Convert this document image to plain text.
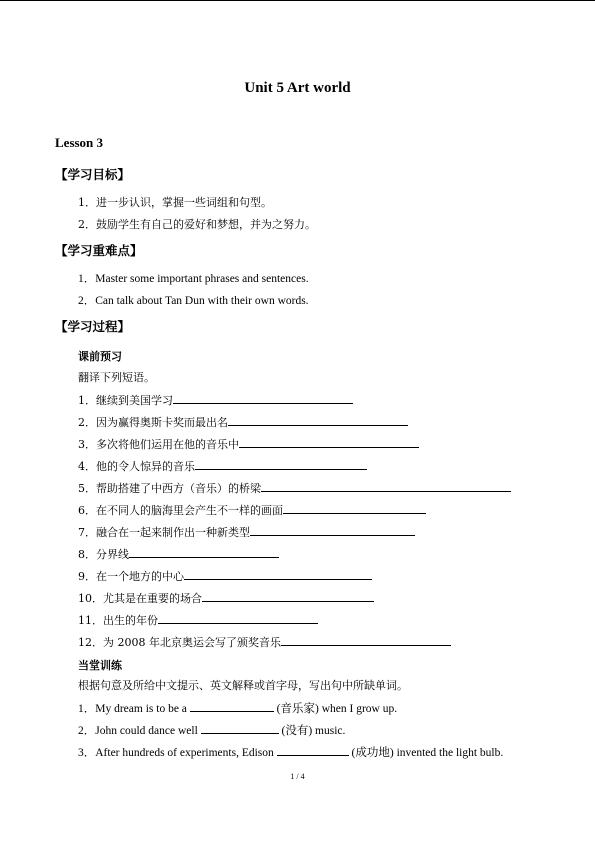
Unit 5 Art world
Lesson 3
【学习目标】
1．进一步认识，掌握一些词组和句型。
2．鼓励学生有自己的爱好和梦想，并为之努力。
【学习重难点】
1．Master some important phrases and sentences.
2．Can talk about Tan Dun with their own words.
【学习过程】
课前预习
翻译下列短语。
1．继续到美国学习
2．因为赢得奥斯卡奖而最出名
3．多次将他们运用在他的音乐中
4．他的令人惊异的音乐
5．帮助搭建了中西方（音乐）的桥梁
6．在不同人的脑海里会产生不一样的画面
7．融合在一起来制作出一种新类型
8．分界线
9．在一个地方的中心
10．尤其是在重要的场合
11．出生的年份
12．为 2008 年北京奥运会写了颁奖音乐
当堂训练
根据句意及所给中文提示、英文解释或首字母，写出句中所缺单词。
1．My dream is to be a	(音乐家) when I grow up.
2．John could dance well	(没有) music.
3．After hundreds of experiments, Edison	(成功地) invented the light bulb.
1 / 4
